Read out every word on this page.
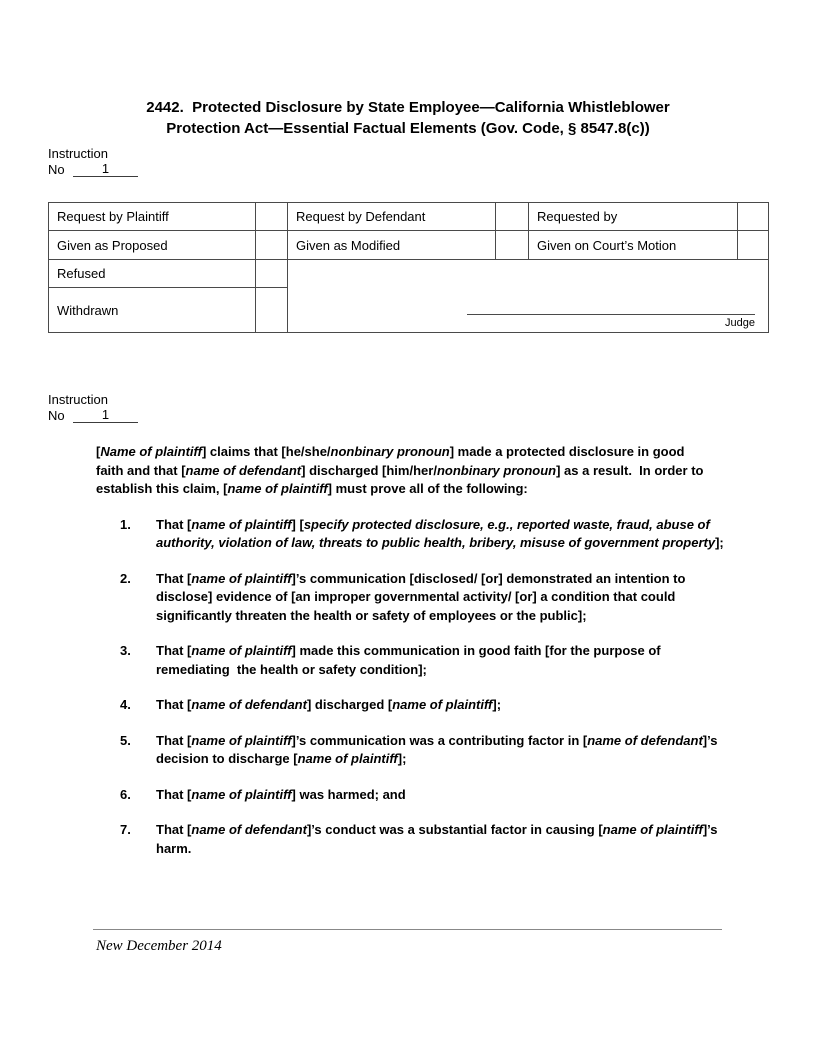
2442.  Protected Disclosure by State Employee—California Whistleblower
Protection Act—Essential Factual Elements (Gov. Code, § 8547.8(c))
Instruction
No	1
Request by Plaintiff		Request by Defendant		Requested by	
Given as Proposed		Given as Modified		Given on Court’s Motion	
Refused		Judge			

Withdrawn					
Instruction
No	1
[Name of plaintiff] claims that [he/she/nonbinary pronoun] made a protected disclosure in good faith and that [name of defendant] discharged [him/her/nonbinary pronoun] as a result.  In order to establish this claim, [name of plaintiff] must prove all of the following:
1.	That [name of plaintiff] [specify protected disclosure, e.g., reported waste, fraud, abuse of authority, violation of law, threats to public health, bribery, misuse of government property];
2.	That [name of plaintiff]’s communication [disclosed/ [or] demonstrated an intention to disclose] evidence of [an improper governmental activity/ [or] a condition that could significantly threaten the health or safety of employees or the public];
3.	That [name of plaintiff] made this communication in good faith [for the purpose of remediating  the health or safety condition];
4.	That [name of defendant] discharged [name of plaintiff];
5.	That [name of plaintiff]’s communication was a contributing factor in [name of defendant]’s decision to discharge [name of plaintiff];
6.	That [name of plaintiff] was harmed; and
7.	That [name of defendant]’s conduct was a substantial factor in causing [name of plaintiff]’s harm.
New December 2014
